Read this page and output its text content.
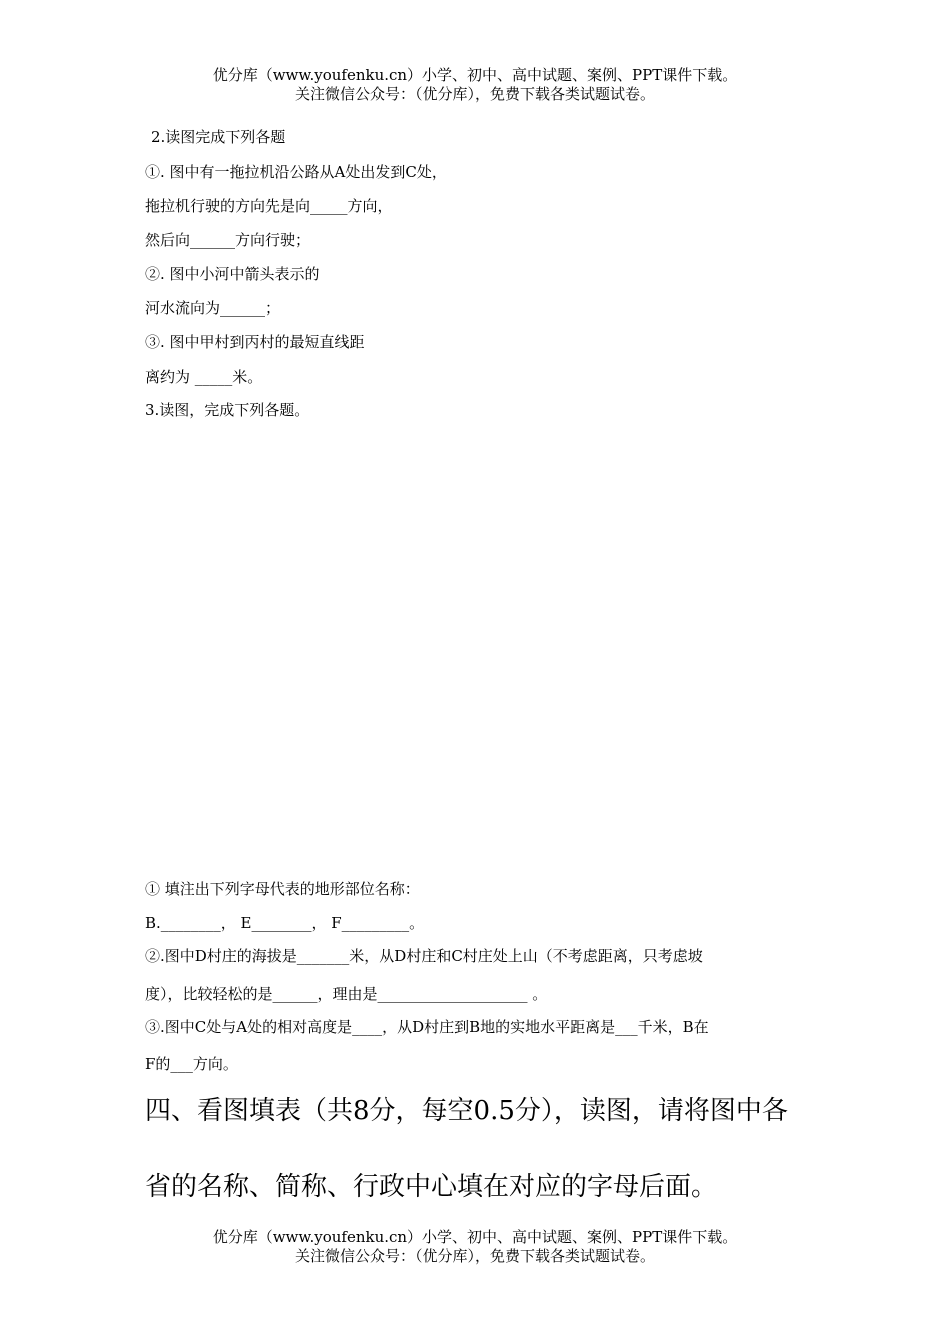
优分库（www.youfenku.cn）小学、初中、高中试题、案例、PPT课件下载。
关注微信公众号：（优分库），免费下载各类试题试卷。
2.读图完成下列各题
①. 图中有一拖拉机沿公路从A处出发到C处，
拖拉机行驶的方向先是向_____方向，
然后向______方向行驶；
②. 图中小河中箭头表示的
河水流向为______；
③. 图中甲村到丙村的最短直线距
离约为 _____米。
3.读图，完成下列各题。
① 填注出下列字母代表的地形部位名称：
B.________， E________， F_________。
②.图中D村庄的海拔是_______米，从D村庄和C村庄处上山（不考虑距离，只考虑坡
度），比较轻松的是______，理由是____________________ 。
③.图中C处与A处的相对高度是____，从D村庄到B地的实地水平距离是___千米，B在
F的___方向。
四、看图填表（共8分，每空0.5分），读图，请将图中各
省的名称、简称、行政中心填在对应的字母后面。
优分库（www.youfenku.cn）小学、初中、高中试题、案例、PPT课件下载。
关注微信公众号：（优分库），免费下载各类试题试卷。
